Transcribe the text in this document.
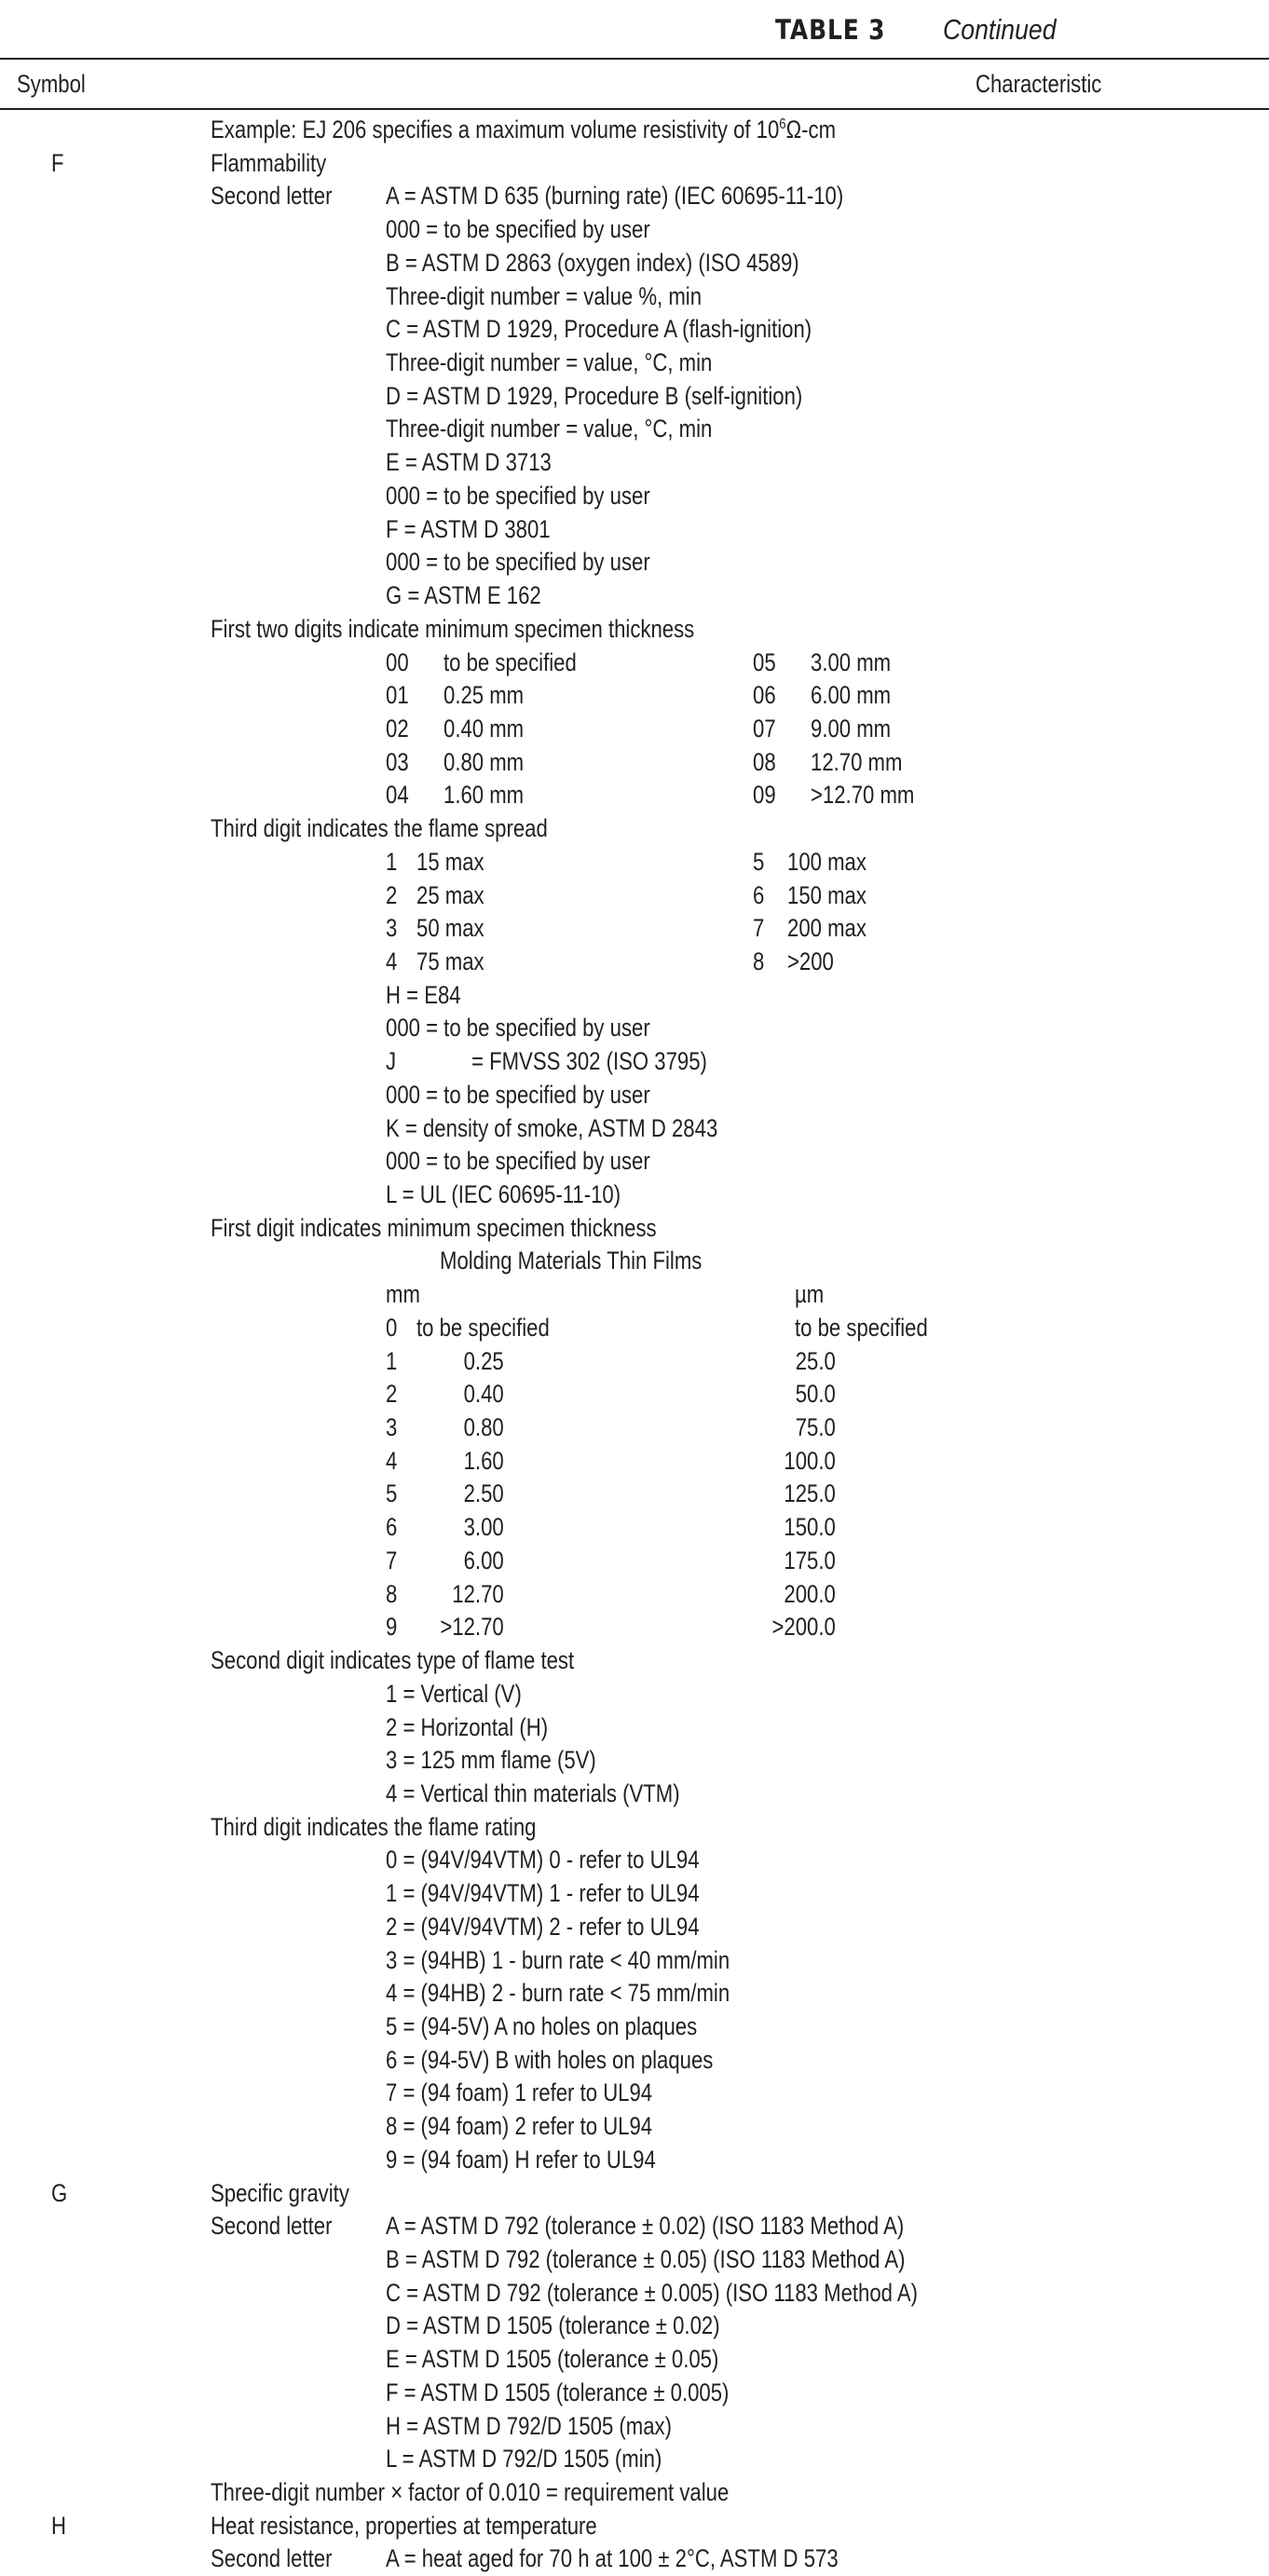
TABLE 3 Continued
Symbol	Characteristic
Example: EJ 206 specifies a maximum volume resistivity of $10^6\Omega-cm$
F	Flammability
Second letter A = ASTM D 635 (burning rate) (IEC 60695-11-10)
000 = to be specified by user
B = ASTM D 2863 (oxygen index) (ISO 4589)
Three-digit number = value %, min
C = ASTM D 1929, Procedure A (flash-ignition)
Three-digit number = value, °C, min
D = ASTM D 1929, Procedure B (self-ignition)
Three-digit number = value, °C, min
E = ASTM D 3713
000 = to be specified by user
F = ASTM D 3801
000 = to be specified by user
G = ASTM E 162
First two digits indicate minimum specimen thickness
00 to be specified	05 3.00 mm
01 0.25 mm	06 6.00 mm
02 0.40 mm	07 9.00 mm
03 0.80 mm	08 12.70 mm
04 1.60 mm	09 >12.70 mm
Third digit indicates the flame spread
1 15 max	5 100 max
2 25 max	6 150 max
3 50 max	7 200 max
4 75 max	8 >200
H = E84
000 = to be specified by user
J	= FMVSS 302 (ISO 3795)
000 = to be specified by user
K = density of smoke, ASTM D 2843
000 = to be specified by user
L = UL (IEC 60695-11-10)
First digit indicates minimum specimen thickness
Molding Materials Thin Films
mm	µm
0 to be specified	to be specified
1	0.25	25.0
2	0.40	50.0
3	0.80	75.0
4	1.60	100.0
5	2.50	125.0
6	3.00	150.0
7	6.00	175.0
8	12.70	200.0
9	>12.70	>200.0
Second digit indicates type of flame test
1 = Vertical (V)
2 = Horizontal (H)
3 = 125 mm flame (5V)
4 = Vertical thin materials (VTM)
Third digit indicates the flame rating
0 = (94V/94VTM) 0 - refer to UL94
1 = (94V/94VTM) 1 - refer to UL94
2 = (94V/94VTM) 2 - refer to UL94
3 = (94HB) 1 - burn rate < 40 mm/min
4 = (94HB) 2 - burn rate < 75 mm/min
5 = (94-5V) A no holes on plaques
6 = (94-5V) B with holes on plaques
7 = (94 foam) 1 refer to UL94
8 = (94 foam) 2 refer to UL94
9 = (94 foam) H refer to UL94
G	Specific gravity
Second letter A = ASTM D 792 (tolerance ± 0.02) (ISO 1183 Method A)
B = ASTM D 792 (tolerance ± 0.05) (ISO 1183 Method A)
C = ASTM D 792 (tolerance ± 0.005) (ISO 1183 Method A)
D = ASTM D 1505 (tolerance ± 0.02)
E = ASTM D 1505 (tolerance ± 0.05)
F = ASTM D 1505 (tolerance ± 0.005)
H = ASTM D 792/D 1505 (max)
L = ASTM D 792/D 1505 (min)
Three-digit number × factor of 0.010 = requirement value
H	Heat resistance, properties at temperature
Second letter A = heat aged for 70 h at 100 ± 2°C, ASTM D 573
